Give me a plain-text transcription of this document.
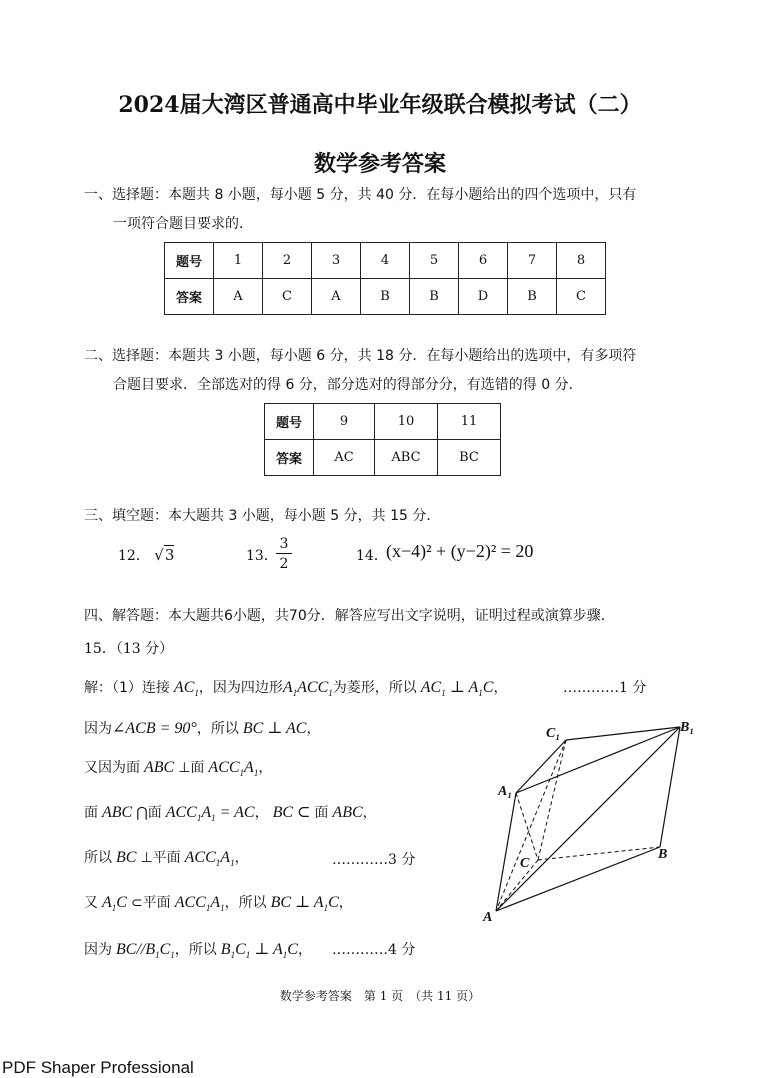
2024届大湾区普通高中毕业年级联合模拟考试（二）
数学参考答案
一、选择题：本题共 8 小题，每小题 5 分，共 40 分．在每小题给出的四个选项中，只有
一项符合题目要求的．
题号	1	2	3	4	5	6	7	8
答案	A	C	A	B	B	D	B	C
二、选择题：本题共 3 小题，每小题 6 分，共 18 分．在每小题给出的选项中，有多项符
合题目要求．全部选对的得 6 分，部分选对的得部分分，有选错的得 0 分．
题号	9	10	11
答案	AC	ABC	BC
三、填空题：本大题共 3 小题，每小题 5 分，共 15 分．
12． √3	13．
$\frac{3}{2}$	14．
(x−4)² + (y−2)² = 20
四、解答题：本大题共6小题，共70分．解答应写出文字说明，证明过程或演算步骤．
15．（13 分）
解：（1）连接 $AC_1$，因为四边形$A_1ACC_1$为菱形，所以 $AC_1$ ⊥ $A_1C$，	…………1 分
因为∠ACB = 90°，所以 BC ⊥ AC，
又因为面 ABC ⊥面 $ACC_1A_1$，
面 ABC ⋂面 $ACC_1A_1$ = AC， BC ⊂ 面 ABC，
所以 BC ⊥平面 $ACC_1A_1$，	…………3 分
又 $A_1C$ ⊂平面 $ACC_1A_1$，所以 BC ⊥ $A_1C$，
因为 $BC//B_1C_1$，所以 $B_1C_1$ ⊥ $A_1C$， …………4 分
C₁	B₁
A₁
C
B
A
数学参考答案　第 1 页　（共 11 页）
PDF Shaper Professional
